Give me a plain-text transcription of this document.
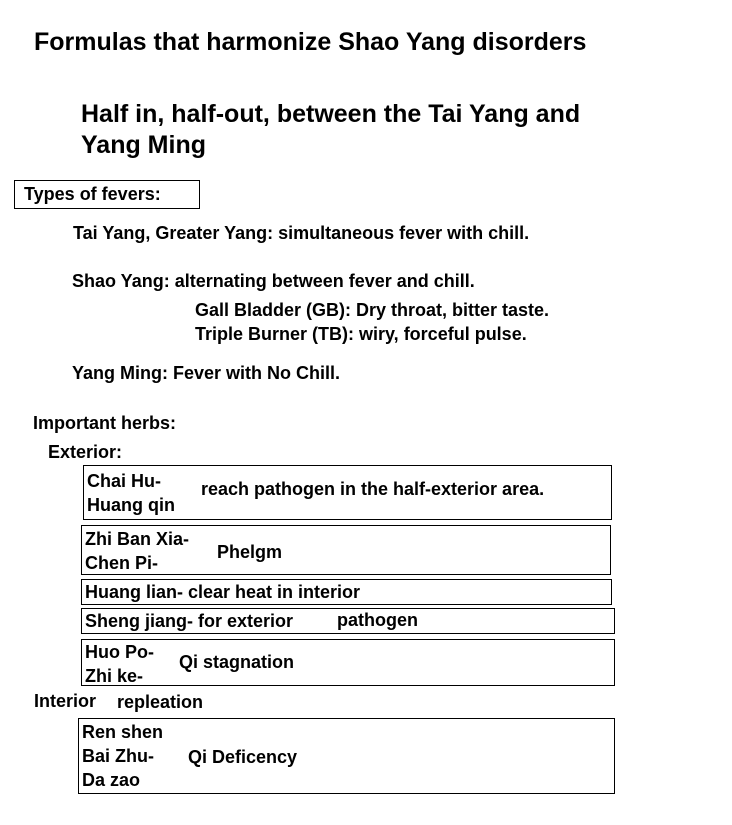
Formulas that harmonize Shao Yang disorders
Half in, half-out, between the Tai Yang and
Yang Ming
Types of fevers:
Tai Yang, Greater Yang: simultaneous fever with chill.
Shao Yang: alternating between fever and chill.
Gall Bladder (GB): Dry throat, bitter taste.
Triple Burner (TB): wiry, forceful pulse.
Yang Ming: Fever with No Chill.
Important herbs:
Exterior:
Chai Hu-
Huang qin
reach pathogen in the half-exterior area.
Zhi Ban Xia-
Chen Pi-
Phelgm
Huang lian- clear heat in interior
Sheng jiang- for exterior pathogen
Huo Po-
Zhi ke-
Qi stagnation
Interior repleation
Ren shen
Bai Zhu-
Da zao
Qi Deficency
